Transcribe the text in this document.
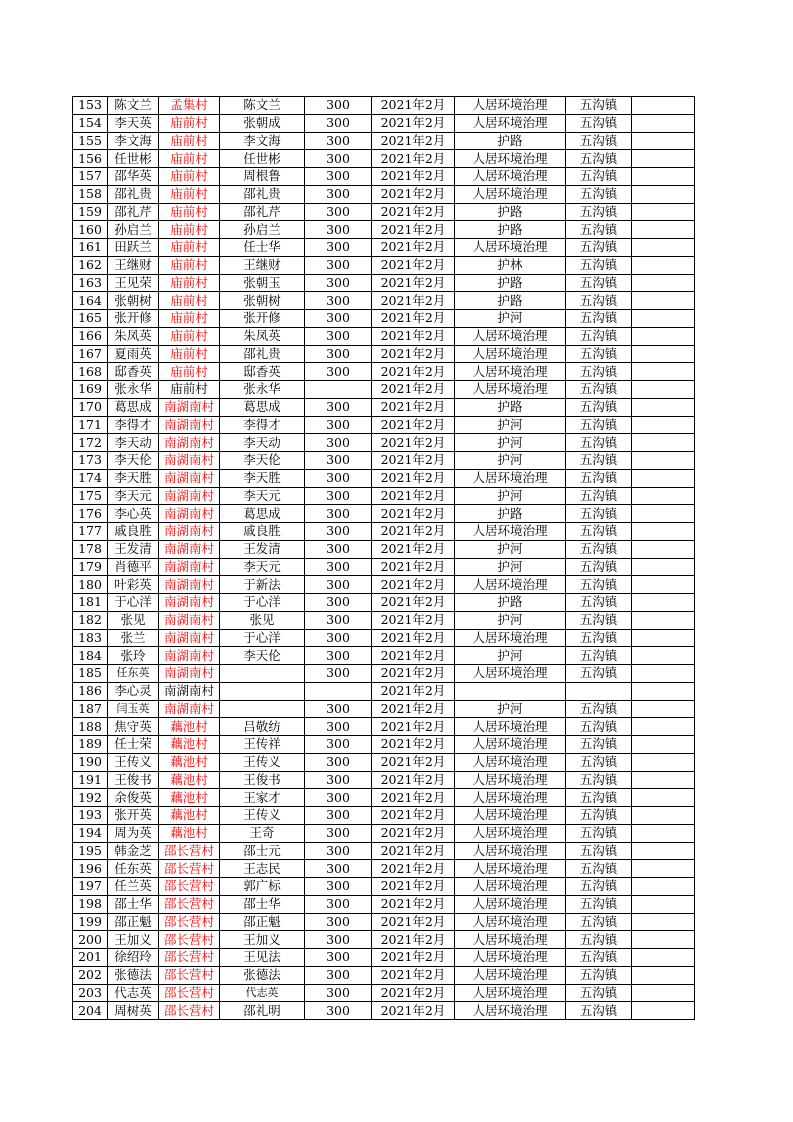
153	陈文兰	孟集村	陈文兰	300	2021年2月	人居环境治理	五沟镇	
154	李天英	庙前村	张朝成	300	2021年2月	人居环境治理	五沟镇	
155	李文海	庙前村	李文海	300	2021年2月	护路	五沟镇	
156	任世彬	庙前村	任世彬	300	2021年2月	人居环境治理	五沟镇	
157	邵华英	庙前村	周根鲁	300	2021年2月	人居环境治理	五沟镇	
158	邵礼贵	庙前村	邵礼贵	300	2021年2月	人居环境治理	五沟镇	
159	邵礼芹	庙前村	邵礼芹	300	2021年2月	护路	五沟镇	
160	孙启兰	庙前村	孙启兰	300	2021年2月	护路	五沟镇	
161	田跃兰	庙前村	任士华	300	2021年2月	人居环境治理	五沟镇	
162	王继财	庙前村	王继财	300	2021年2月	护林	五沟镇	
163	王见荣	庙前村	张朝玉	300	2021年2月	护路	五沟镇	
164	张朝树	庙前村	张朝树	300	2021年2月	护路	五沟镇	
165	张开修	庙前村	张开修	300	2021年2月	护河	五沟镇	
166	朱凤英	庙前村	朱凤英	300	2021年2月	人居环境治理	五沟镇	
167	夏雨英	庙前村	邵礼贵	300	2021年2月	人居环境治理	五沟镇	
168	邸香英	庙前村	邸香英	300	2021年2月	人居环境治理	五沟镇	
169	张永华	庙前村	张永华		2021年2月	人居环境治理	五沟镇	
170	葛思成	南湖南村	葛思成	300	2021年2月	护路	五沟镇	
171	李得才	南湖南村	李得才	300	2021年2月	护河	五沟镇	
172	李天动	南湖南村	李天动	300	2021年2月	护河	五沟镇	
173	李天伦	南湖南村	李天伦	300	2021年2月	护河	五沟镇	
174	李天胜	南湖南村	李天胜	300	2021年2月	人居环境治理	五沟镇	
175	李天元	南湖南村	李天元	300	2021年2月	护河	五沟镇	
176	李心英	南湖南村	葛思成	300	2021年2月	护路	五沟镇	
177	戚良胜	南湖南村	戚良胜	300	2021年2月	人居环境治理	五沟镇	
178	王发清	南湖南村	王发清	300	2021年2月	护河	五沟镇	
179	肖德平	南湖南村	李天元	300	2021年2月	护河	五沟镇	
180	叶彩英	南湖南村	于新法	300	2021年2月	人居环境治理	五沟镇	
181	于心洋	南湖南村	于心洋	300	2021年2月	护路	五沟镇	
182	张见	南湖南村	张见	300	2021年2月	护河	五沟镇	
183	张兰	南湖南村	于心洋	300	2021年2月	人居环境治理	五沟镇	
184	张玲	南湖南村	李天伦	300	2021年2月	护河	五沟镇	
185	任东英	南湖南村		300	2021年2月	人居环境治理	五沟镇	
186	李心灵	南湖南村			2021年2月			
187	闫玉英	南湖南村		300	2021年2月	护河	五沟镇	
188	焦守英	藕池村	吕敬纺	300	2021年2月	人居环境治理	五沟镇	
189	任士荣	藕池村	王传祥	300	2021年2月	人居环境治理	五沟镇	
190	王传义	藕池村	王传义	300	2021年2月	人居环境治理	五沟镇	
191	王俊书	藕池村	王俊书	300	2021年2月	人居环境治理	五沟镇	
192	余俊英	藕池村	王家才	300	2021年2月	人居环境治理	五沟镇	
193	张开英	藕池村	王传义	300	2021年2月	人居环境治理	五沟镇	
194	周为英	藕池村	王奇	300	2021年2月	人居环境治理	五沟镇	
195	韩金芝	邵长营村	邵士元	300	2021年2月	人居环境治理	五沟镇	
196	任东英	邵长营村	王志民	300	2021年2月	人居环境治理	五沟镇	
197	任兰英	邵长营村	郭广标	300	2021年2月	人居环境治理	五沟镇	
198	邵士华	邵长营村	邵士华	300	2021年2月	人居环境治理	五沟镇	
199	邵正魁	邵长营村	邵正魁	300	2021年2月	人居环境治理	五沟镇	
200	王加义	邵长营村	王加义	300	2021年2月	人居环境治理	五沟镇	
201	徐绍玲	邵长营村	王见法	300	2021年2月	人居环境治理	五沟镇	
202	张德法	邵长营村	张德法	300	2021年2月	人居环境治理	五沟镇	
203	代志英	邵长营村	代志英	300	2021年2月	人居环境治理	五沟镇	
204	周树英	邵长营村	邵礼明	300	2021年2月	人居环境治理	五沟镇	
